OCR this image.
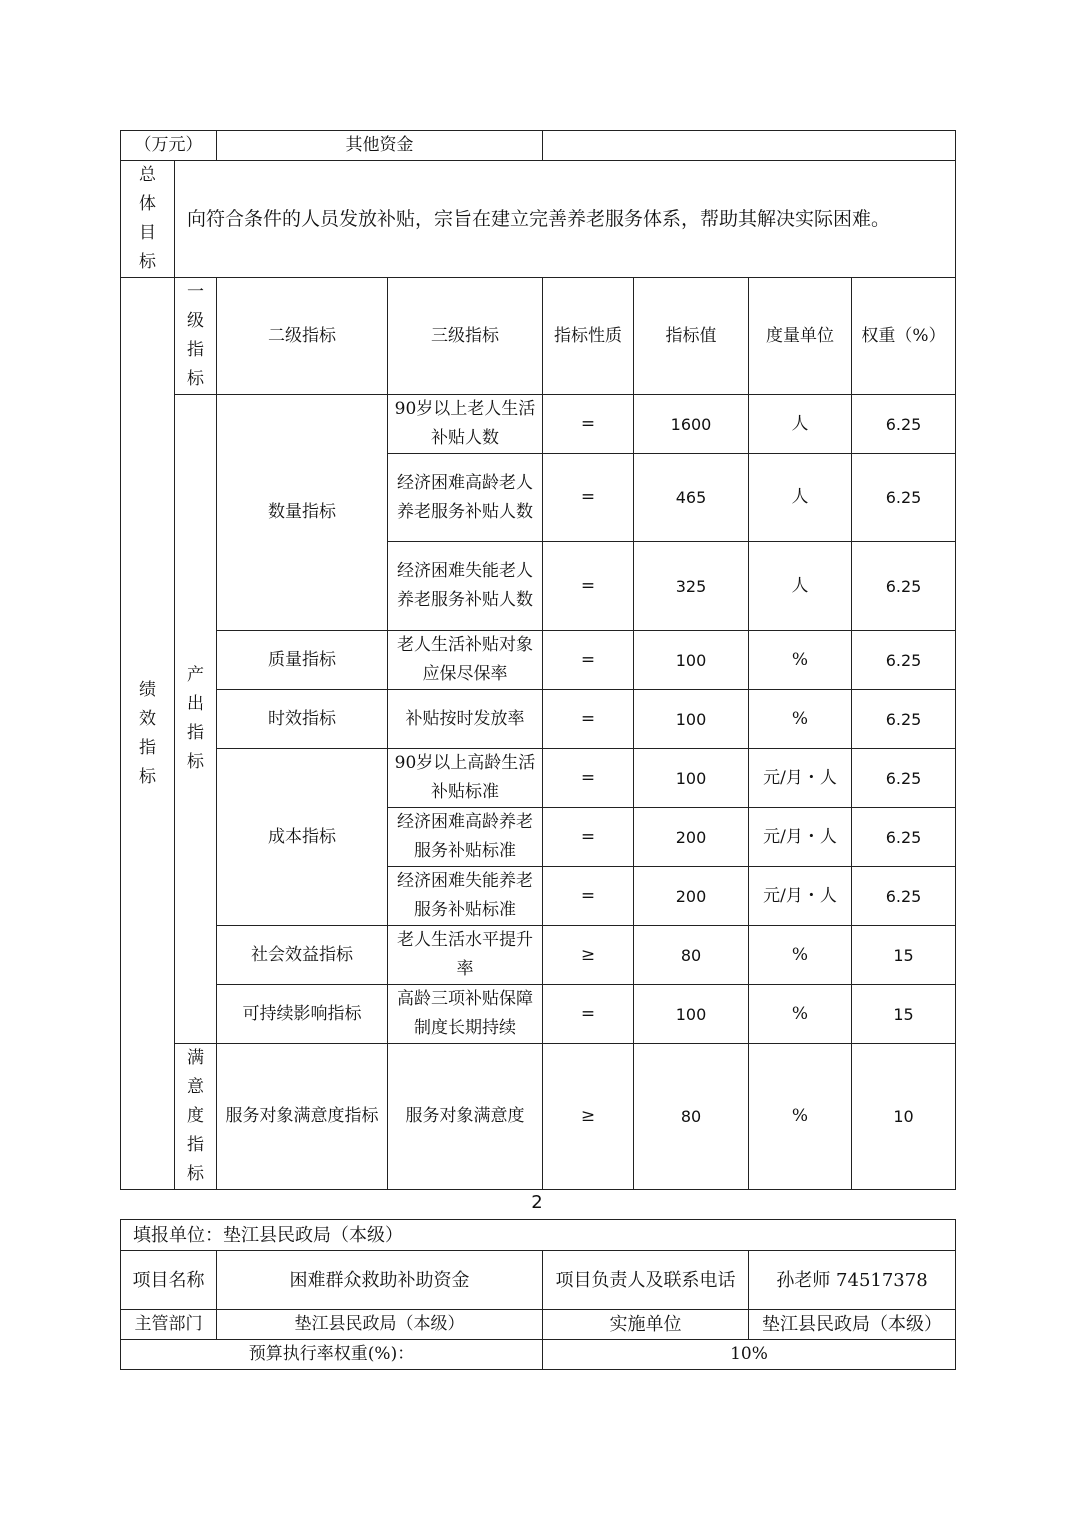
（万元）		其他资金					

总
体
目
标	向符合条件的人员发放补贴，宗旨在建立完善养老服务体系，帮助其解决实际困难。						

绩
效
指
标	一
级
指
标	二级指标	三级指标	指标性质	指标值	度量单位	权重（%）

	产
出
指
标	数量指标	90岁以上老人生活补贴人数	=	1600	人	6.25
			经济困难高龄老人养老服务补贴人数	=	465	人	6.25
			经济困难失能老人养老服务补贴人数	=	325	人	6.25
		质量指标	老人生活补贴对象应保尽保率	=	100	%	6.25
		时效指标	补贴按时发放率	=	100	%	6.25
		成本指标	90岁以上高龄生活补贴标准	=	100	元/月・人	6.25
			经济困难高龄养老服务补贴标准	=	200	元/月・人	6.25
			经济困难失能养老服务补贴标准	=	200	元/月・人	6.25
		社会效益指标	老人生活水平提升率	≥	80	%	15
		可持续影响指标	高龄三项补贴保障制度长期持续	=	100	%	15

	满
意
度
指
标	服务对象满意度指标	服务对象满意度	≥	80	%	10
2
填报单位：垫江县民政局（本级）			
项目名称	困难群众救助补助资金	项目负责人及联系电话	孙老师 74517378
主管部门	垫江县民政局（本级）	实施单位	垫江县民政局（本级）
预算执行率权重(%)：		10%	
